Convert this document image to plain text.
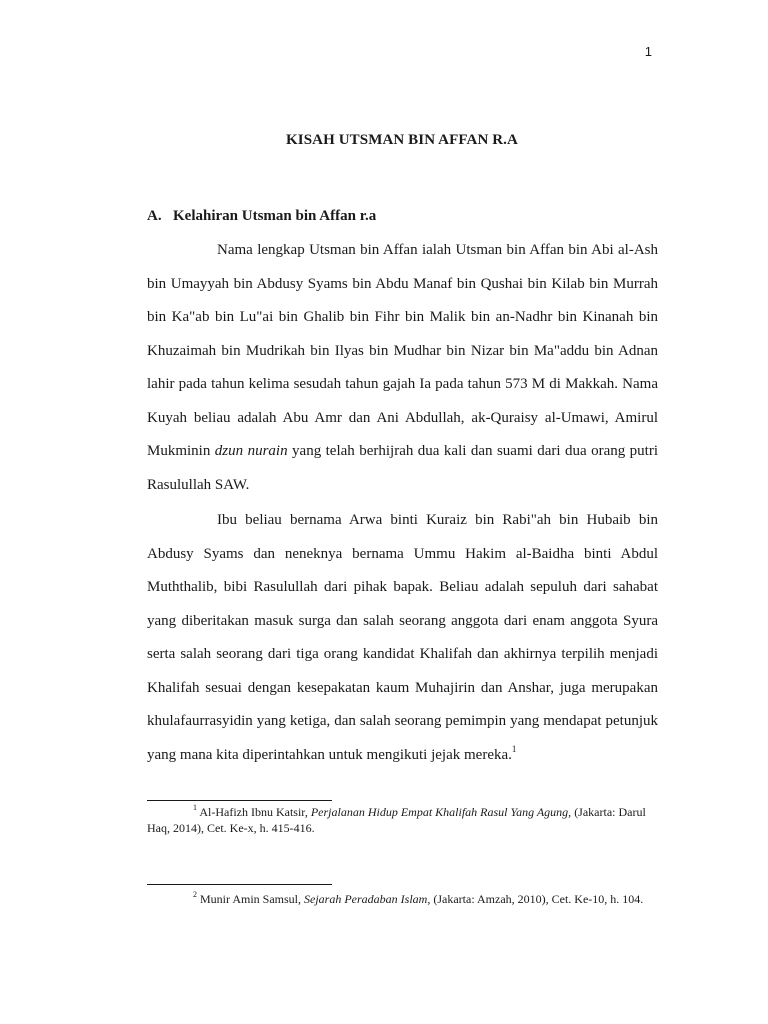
1
KISAH UTSMAN BIN AFFAN R.A
A. Kelahiran Utsman bin Affan r.a

Nama lengkap Utsman bin Affan ialah Utsman bin Affan bin Abi al-Ash bin Umayyah bin Abdusy Syams bin Abdu Manaf bin Qushai bin Kilab bin Murrah bin Ka"ab bin Lu"ai bin Ghalib bin Fihr bin Malik bin an-Nadhr bin Kinanah bin Khuzaimah bin Mudrikah bin Ilyas bin Mudhar bin Nizar bin Ma"addu bin Adnan lahir pada tahun kelima sesudah tahun gajah Ia pada tahun 573 M di Makkah. Nama Kuyah beliau adalah Abu Amr dan Ani Abdullah, ak-Quraisy al-Umawi, Amirul Mukminin dzun nurain yang telah berhijrah dua kali dan suami dari dua orang putri Rasulullah SAW.

Ibu beliau bernama Arwa binti Kuraiz bin Rabi"ah bin Hubaib bin Abdusy Syams dan neneknya bernama Ummu Hakim al-Baidha binti Abdul Muththalib, bibi Rasulullah dari pihak bapak. Beliau adalah sepuluh dari sahabat yang diberitakan masuk surga dan salah seorang anggota dari enam anggota Syura serta salah seorang dari tiga orang kandidat Khalifah dan akhirnya terpilih menjadi Khalifah sesuai dengan kesepakatan kaum Muhajirin dan Anshar, juga merupakan khulafaurrasyidin yang ketiga, dan salah seorang pemimpin yang mendapat petunjuk yang mana kita diperintahkan untuk mengikuti jejak mereka.$^1$

$^1$ Al-Hafizh Ibnu Katsir, Perjalanan Hidup Empat Khalifah Rasul Yang Agung, (Jakarta: Darul Haq, 2014), Cet. Ke-x, h. 415-416.
$^2$ Munir Amin Samsul, Sejarah Peradaban Islam, (Jakarta: Amzah, 2010), Cet. Ke-10, h. 104.
